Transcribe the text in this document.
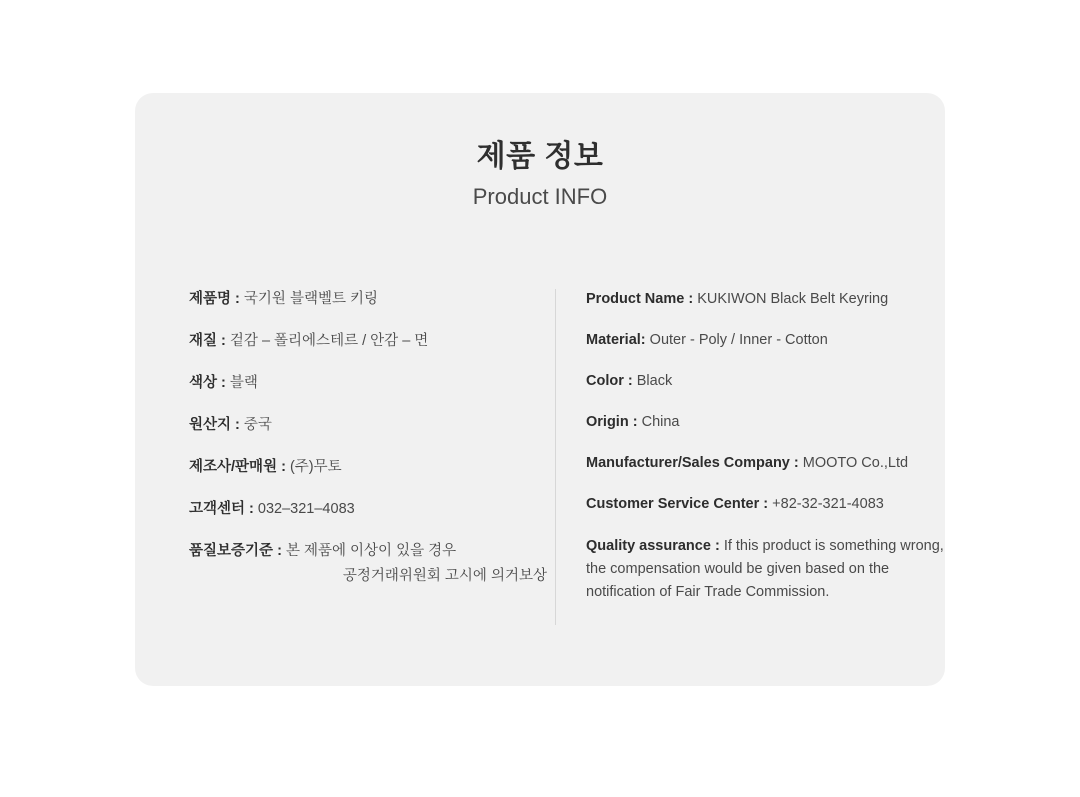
제품 정보
Product INFO
제품명 : 국기원 블랙벨트 키링
재질 : 겉감 – 폴리에스테르 / 안감 – 면
색상 : 블랙
원산지 : 중국
제조사/판매원 : (주)무토
고객센터 : 032–321–4083
품질보증기준 : 본 제품에 이상이 있을 경우
공정거래위원회 고시에 의거보상
Product Name : KUKIWON Black Belt Keyring
Material: Outer - Poly / Inner - Cotton
Color : Black
Origin : China
Manufacturer/Sales Company : MOOTO Co.,Ltd
Customer Service Center : +82-32-321-4083
Quality assurance : If this product is something wrong, the compensation would be given based on the notification of Fair Trade Commission.
